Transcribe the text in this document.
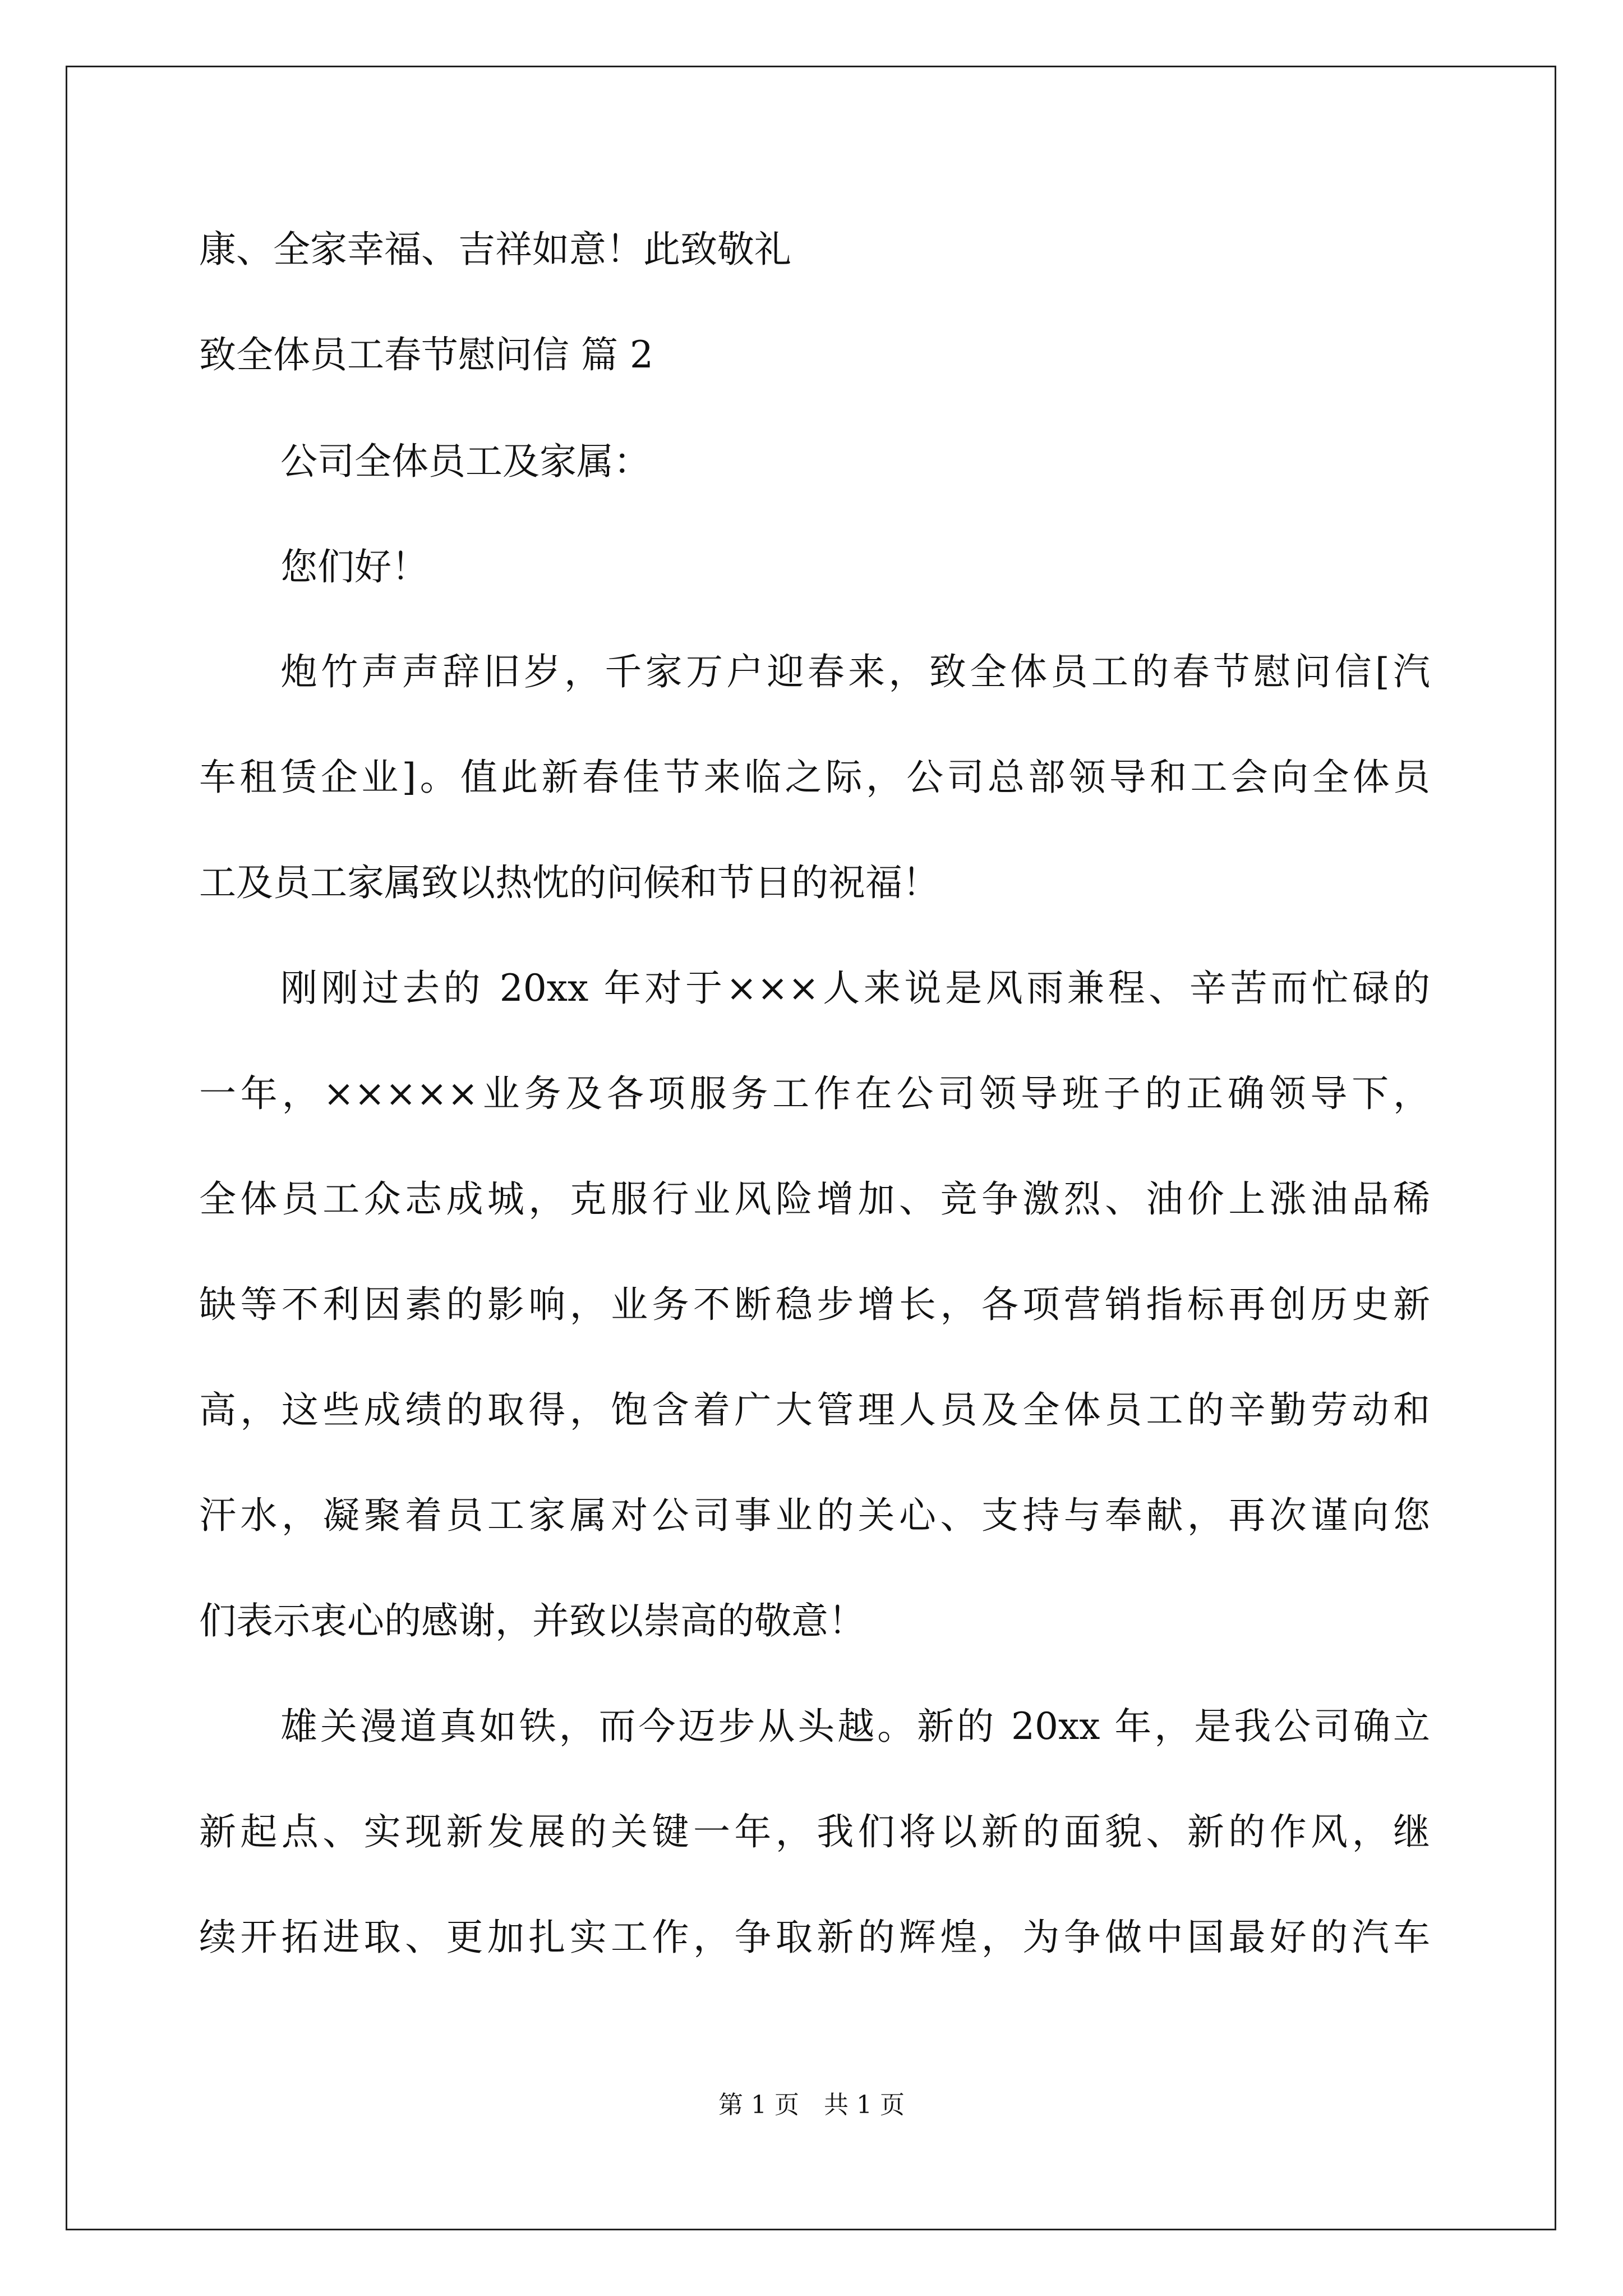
康、全家幸福、吉祥如意！此致敬礼
致全体员工春节慰问信 篇 2
公司全体员工及家属：
您们好！
炮竹声声辞旧岁，千家万户迎春来，致全体员工的春节慰问信[汽
车租赁企业]。值此新春佳节来临之际，公司总部领导和工会向全体员
工及员工家属致以热忱的问候和节日的祝福！
刚刚过去的 20xx 年对于×××人来说是风雨兼程、辛苦而忙碌的
一年，×××××业务及各项服务工作在公司领导班子的正确领导下，
全体员工众志成城，克服行业风险增加、竞争激烈、油价上涨油品稀
缺等不利因素的影响，业务不断稳步增长，各项营销指标再创历史新
高，这些成绩的取得，饱含着广大管理人员及全体员工的辛勤劳动和
汗水，凝聚着员工家属对公司事业的关心、支持与奉献，再次谨向您
们表示衷心的感谢，并致以崇高的敬意！
雄关漫道真如铁，而今迈步从头越。新的 20xx 年，是我公司确立
新起点、实现新发展的关键一年，我们将以新的面貌、新的作风，继
续开拓进取、更加扎实工作，争取新的辉煌，为争做中国最好的汽车
第 1 页　共 1 页
